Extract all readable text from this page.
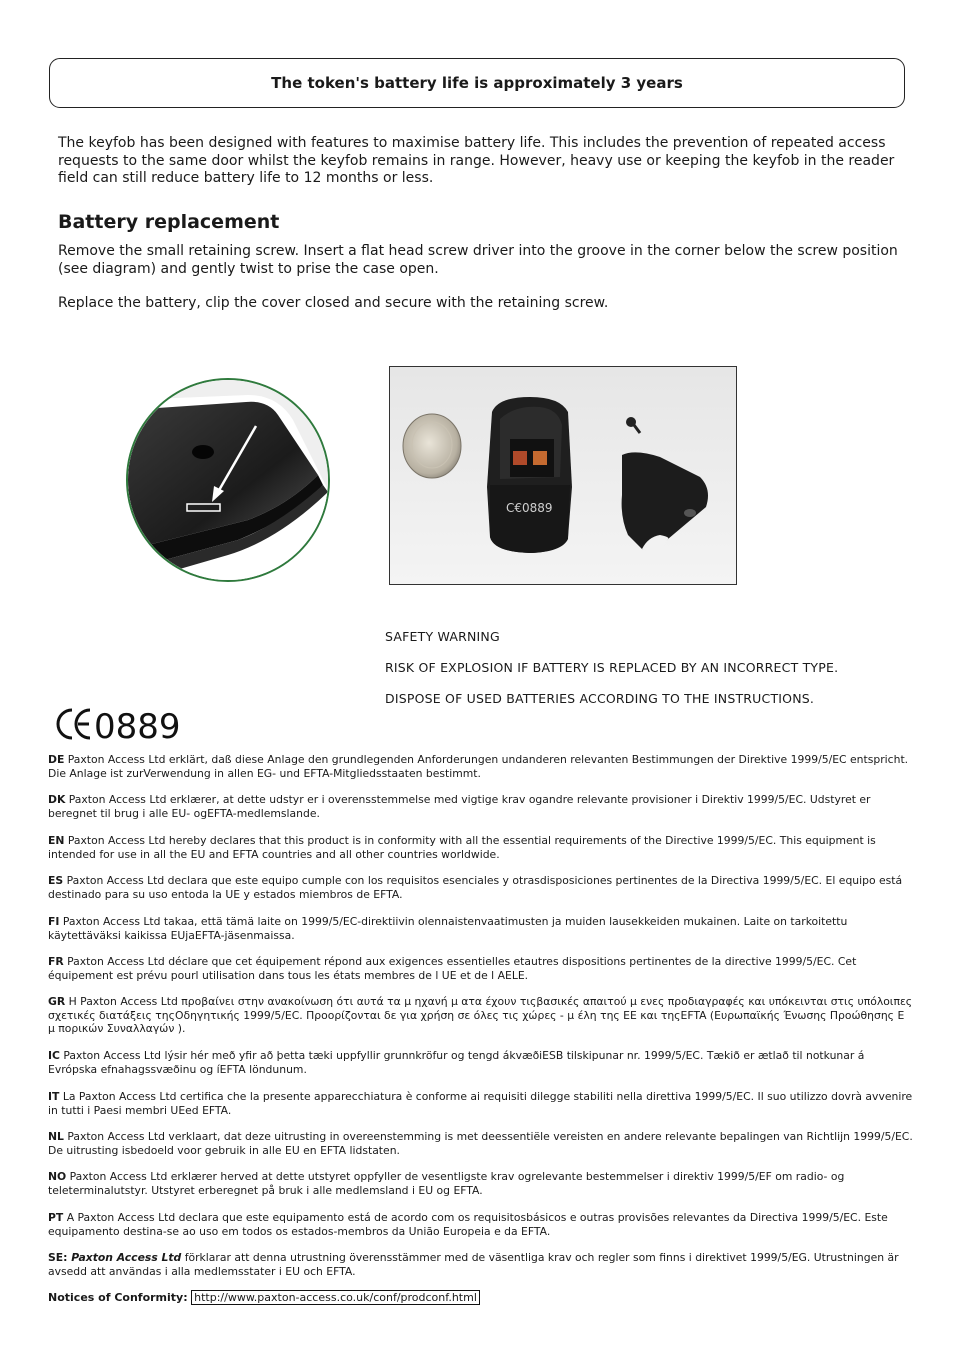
The token's battery life is approximately 3 years

The keyfob has been designed with features to maximise battery life. This includes the prevention of repeated access requests to the same door whilst the keyfob remains in range. However, heavy use or keeping the keyfob in the reader field can still reduce battery life to 12 months or less.

Battery replacement

Remove the small retaining screw. Insert a flat head screw driver into the groove in the corner below the screw position (see diagram) and gently twist to prise the case open.

Replace the battery, clip the cover closed and secure with the retaining screw.

C€0889

SAFETY WARNING

RISK OF EXPLOSION IF BATTERY IS REPLACED BY AN INCORRECT TYPE.

DISPOSE OF USED BATTERIES ACCORDING TO THE INSTRUCTIONS.

0889

DE Paxton Access Ltd erklärt, daß diese Anlage den grundlegenden Anforderungen undanderen relevanten Bestimmungen der Direktive 1999/5/EC entspricht. Die Anlage ist zurVerwendung in allen EG- und EFTA-Mitgliedsstaaten bestimmt.

DK Paxton Access Ltd erklærer, at dette udstyr er i overensstemmelse med vigtige krav ogandre relevante provisioner i Direktiv 1999/5/EC. Udstyret er beregnet til brug i alle EU- ogEFTA-medlemslande.

EN Paxton Access Ltd hereby declares that this product is in conformity with all the essential requirements of the Directive 1999/5/EC. This equipment is intended for use in all the EU and EFTA countries and all other countries worldwide.

ES Paxton Access Ltd declara que este equipo cumple con los requisitos esenciales y otrasdisposiciones pertinentes de la Directiva 1999/5/EC. El equipo está destinado para su uso entoda la UE y estados miembros de EFTA.

FI Paxton Access Ltd takaa, että tämä laite on 1999/5/EC-direktiivin olennaistenvaatimusten ja muiden lausekkeiden mukainen. Laite on tarkoitettu käytettäväksi kaikissa EUjaEFTA-jäsenmaissa.

FR Paxton Access Ltd déclare que cet équipement répond aux exigences essentielles etautres dispositions pertinentes de la directive 1999/5/EC. Cet équipement est prévu pourl utilisation dans tous les états membres de l UE et de l AELE.

GR Η Paxton Access Ltd προβαίνει στην ανακοίνωση ότι αυτά τα μ ηχανή μ ατα έχουν τιςβασικές απαιτού μ ενες προδιαγραφές και υπόκεινται στις υπόλοιπες σχετικές διατάξεις τηςΟδηγητικής 1999/5/EC. Προορίζονται δε για χρήση σε όλες τις χώρες - μ έλη της ΕΕ και τηςEFTA (Ευρωπαϊκής Ένωσης Προώθησης Ε μ πορικών Συναλλαγών ).

IC Paxton Access Ltd lýsir hér með yfir að þetta tæki uppfyllir grunnkröfur og tengd ákvæðiESB tilskipunar nr. 1999/5/EC. Tækið er ætlað til notkunar á Evrópska efnahagssvæðinu og íEFTA löndunum.

IT La Paxton Access Ltd certifica che la presente apparecchiatura è conforme ai requisiti dilegge stabiliti nella direttiva 1999/5/EC. Il suo utilizzo dovrà avvenire in tutti i Paesi membri UEed EFTA.

NL Paxton Access Ltd verklaart, dat deze uitrusting in overeenstemming is met deessentiële vereisten en andere relevante bepalingen van Richtlijn 1999/5/EC. De uitrusting isbedoeld voor gebruik in alle EU en EFTA lidstaten.

NO Paxton Access Ltd erklærer herved at dette utstyret oppfyller de vesentligste krav ogrelevante bestemmelser i direktiv 1999/5/EF om radio- og teleterminalutstyr. Utstyret erberegnet på bruk i alle medlemsland i EU og EFTA.

PT A Paxton Access Ltd declara que este equipamento está de acordo com os requisitosbásicos e outras provisões relevantes da Directiva 1999/5/EC. Este equipamento destina-se ao uso em todos os estados-membros da União Europeia e da EFTA.

SE: Paxton Access Ltd förklarar att denna utrustning överensstämmer med de väsentliga krav och regler som finns i direktivet 1999/5/EG. Utrustningen är avsedd att användas i alla medlemsstater i EU och EFTA.

Notices of Conformity: http://www.paxton-access.co.uk/conf/prodconf.html
